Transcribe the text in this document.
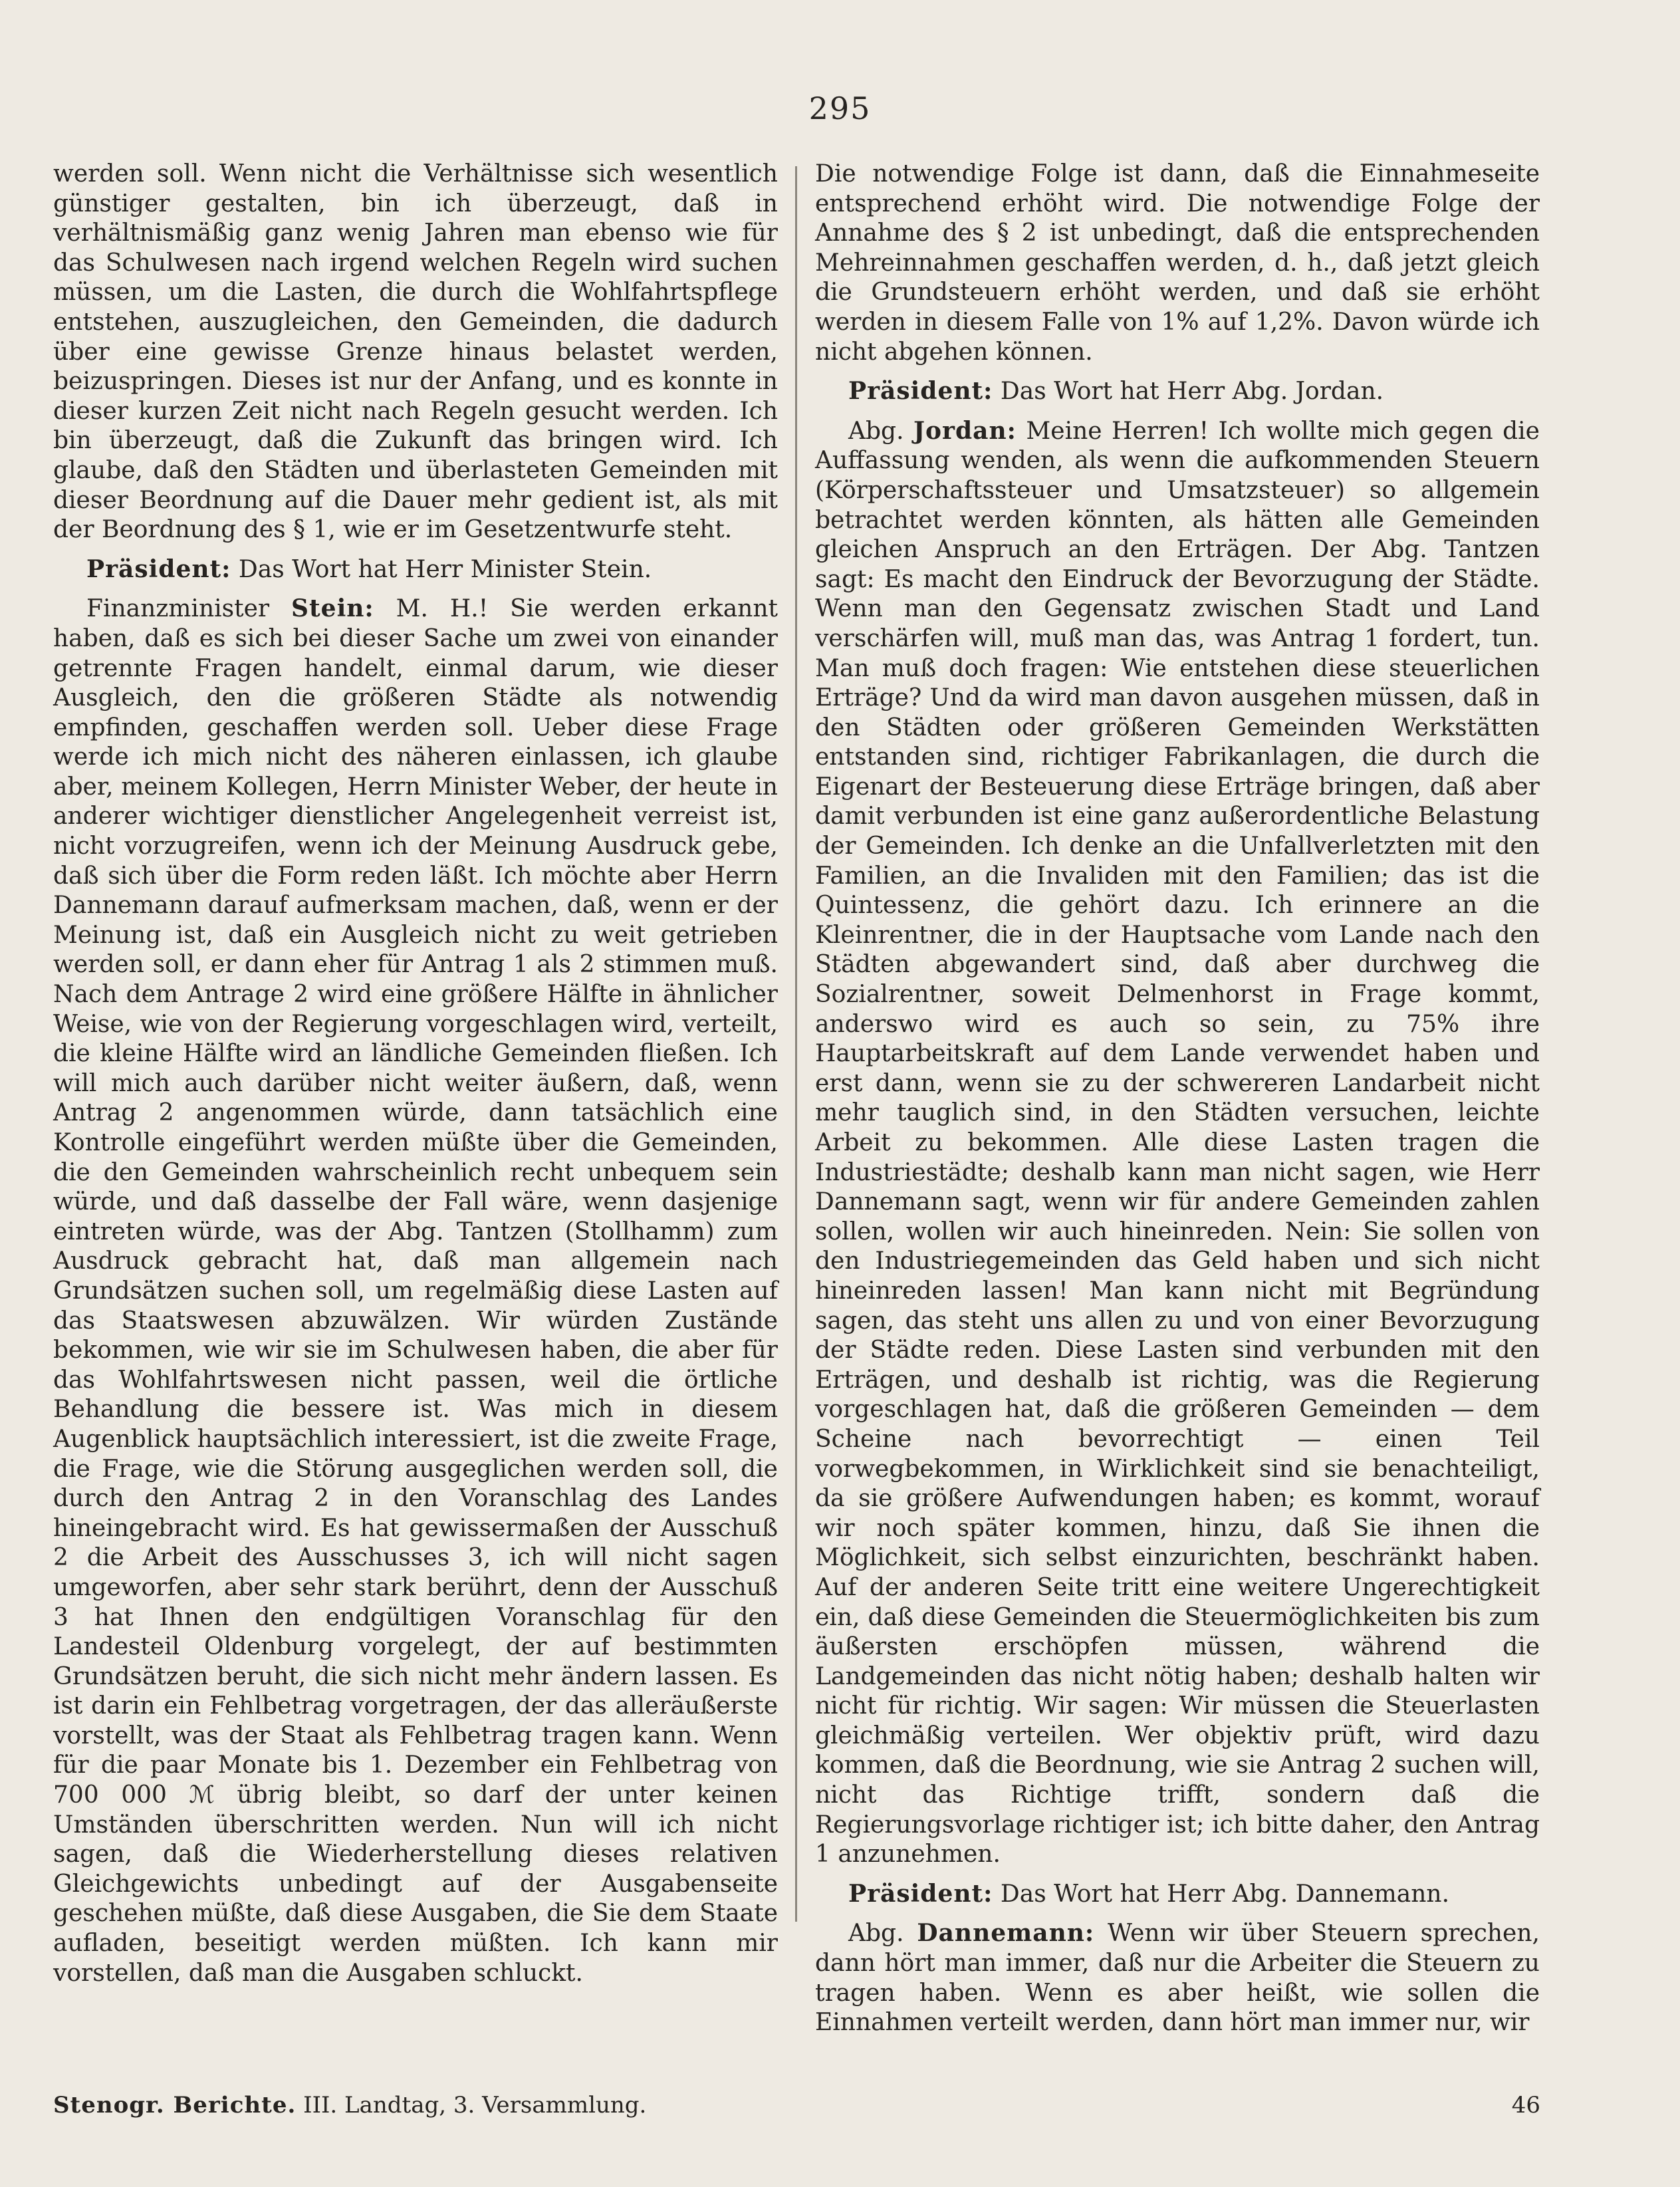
295

werden soll. Wenn nicht die Verhältnisse sich wesentlich günstiger gestalten, bin ich überzeugt, daß in verhältnismäßig ganz wenig Jahren man ebenso wie für das Schulwesen nach irgend welchen Regeln wird suchen müssen, um die Lasten, die durch die Wohlfahrtspflege entstehen, auszugleichen, den Gemeinden, die dadurch über eine gewisse Grenze hinaus belastet werden, beizuspringen. Dieses ist nur der Anfang, und es konnte in dieser kurzen Zeit nicht nach Regeln gesucht werden. Ich bin überzeugt, daß die Zukunft das bringen wird. Ich glaube, daß den Städten und überlasteten Gemeinden mit dieser Beordnung auf die Dauer mehr gedient ist, als mit der Beordnung des § 1, wie er im Gesetzentwurfe steht.

Präsident: Das Wort hat Herr Minister Stein.

Finanzminister Stein: M. H.! Sie werden erkannt haben, daß es sich bei dieser Sache um zwei von einander getrennte Fragen handelt, einmal darum, wie dieser Ausgleich, den die größeren Städte als notwendig empfinden, geschaffen werden soll. Ueber diese Frage werde ich mich nicht des näheren einlassen, ich glaube aber, meinem Kollegen, Herrn Minister Weber, der heute in anderer wichtiger dienstlicher Angelegenheit verreist ist, nicht vorzugreifen, wenn ich der Meinung Ausdruck gebe, daß sich über die Form reden läßt. Ich möchte aber Herrn Dannemann darauf aufmerksam machen, daß, wenn er der Meinung ist, daß ein Ausgleich nicht zu weit getrieben werden soll, er dann eher für Antrag 1 als 2 stimmen muß. Nach dem Antrage 2 wird eine größere Hälfte in ähnlicher Weise, wie von der Regierung vorgeschlagen wird, verteilt, die kleine Hälfte wird an ländliche Gemeinden fließen. Ich will mich auch darüber nicht weiter äußern, daß, wenn Antrag 2 angenommen würde, dann tatsächlich eine Kontrolle eingeführt werden müßte über die Gemeinden, die den Gemeinden wahrscheinlich recht unbequem sein würde, und daß dasselbe der Fall wäre, wenn dasjenige eintreten würde, was der Abg. Tantzen (Stollhamm) zum Ausdruck gebracht hat, daß man allgemein nach Grundsätzen suchen soll, um regelmäßig diese Lasten auf das Staatswesen abzuwälzen. Wir würden Zustände bekommen, wie wir sie im Schulwesen haben, die aber für das Wohlfahrtswesen nicht passen, weil die örtliche Behandlung die bessere ist. Was mich in diesem Augenblick hauptsächlich interessiert, ist die zweite Frage, die Frage, wie die Störung ausgeglichen werden soll, die durch den Antrag 2 in den Voranschlag des Landes hineingebracht wird. Es hat gewissermaßen der Ausschuß 2 die Arbeit des Ausschusses 3, ich will nicht sagen umgeworfen, aber sehr stark berührt, denn der Ausschuß 3 hat Ihnen den endgültigen Voranschlag für den Landesteil Oldenburg vorgelegt, der auf bestimmten Grundsätzen beruht, die sich nicht mehr ändern lassen. Es ist darin ein Fehlbetrag vorgetragen, der das alleräußerste vorstellt, was der Staat als Fehlbetrag tragen kann. Wenn für die paar Monate bis 1. Dezember ein Fehlbetrag von 700 000 ℳ übrig bleibt, so darf der unter keinen Umständen überschritten werden. Nun will ich nicht sagen, daß die Wiederherstellung dieses relativen Gleichgewichts unbedingt auf der Ausgabenseite geschehen müßte, daß diese Ausgaben, die Sie dem Staate aufladen, beseitigt werden müßten. Ich kann mir vorstellen, daß man die Ausgaben schluckt.

Die notwendige Folge ist dann, daß die Einnahmeseite entsprechend erhöht wird. Die notwendige Folge der Annahme des § 2 ist unbedingt, daß die entsprechenden Mehreinnahmen geschaffen werden, d. h., daß jetzt gleich die Grundsteuern erhöht werden, und daß sie erhöht werden in diesem Falle von 1% auf 1,2%. Davon würde ich nicht abgehen können.

Präsident: Das Wort hat Herr Abg. Jordan.

Abg. Jordan: Meine Herren! Ich wollte mich gegen die Auffassung wenden, als wenn die aufkommenden Steuern (Körperschaftssteuer und Umsatzsteuer) so allgemein betrachtet werden könnten, als hätten alle Gemeinden gleichen Anspruch an den Erträgen. Der Abg. Tantzen sagt: Es macht den Eindruck der Bevorzugung der Städte. Wenn man den Gegensatz zwischen Stadt und Land verschärfen will, muß man das, was Antrag 1 fordert, tun. Man muß doch fragen: Wie entstehen diese steuerlichen Erträge? Und da wird man davon ausgehen müssen, daß in den Städten oder größeren Gemeinden Werkstätten entstanden sind, richtiger Fabrikanlagen, die durch die Eigenart der Besteuerung diese Erträge bringen, daß aber damit verbunden ist eine ganz außerordentliche Belastung der Gemeinden. Ich denke an die Unfallverletzten mit den Familien, an die Invaliden mit den Familien; das ist die Quintessenz, die gehört dazu. Ich erinnere an die Kleinrentner, die in der Hauptsache vom Lande nach den Städten abgewandert sind, daß aber durchweg die Sozialrentner, soweit Delmenhorst in Frage kommt, anderswo wird es auch so sein, zu 75% ihre Hauptarbeitskraft auf dem Lande verwendet haben und erst dann, wenn sie zu der schwereren Landarbeit nicht mehr tauglich sind, in den Städten versuchen, leichte Arbeit zu bekommen. Alle diese Lasten tragen die Industriestädte; deshalb kann man nicht sagen, wie Herr Dannemann sagt, wenn wir für andere Gemeinden zahlen sollen, wollen wir auch hineinreden. Nein: Sie sollen von den Industriegemeinden das Geld haben und sich nicht hineinreden lassen! Man kann nicht mit Begründung sagen, das steht uns allen zu und von einer Bevorzugung der Städte reden. Diese Lasten sind verbunden mit den Erträgen, und deshalb ist richtig, was die Regierung vorgeschlagen hat, daß die größeren Gemeinden — dem Scheine nach bevorrechtigt — einen Teil vorwegbekommen, in Wirklichkeit sind sie benachteiligt, da sie größere Aufwendungen haben; es kommt, worauf wir noch später kommen, hinzu, daß Sie ihnen die Möglichkeit, sich selbst einzurichten, beschränkt haben. Auf der anderen Seite tritt eine weitere Ungerechtigkeit ein, daß diese Gemeinden die Steuermöglichkeiten bis zum äußersten erschöpfen müssen, während die Landgemeinden das nicht nötig haben; deshalb halten wir nicht für richtig. Wir sagen: Wir müssen die Steuerlasten gleichmäßig verteilen. Wer objektiv prüft, wird dazu kommen, daß die Beordnung, wie sie Antrag 2 suchen will, nicht das Richtige trifft, sondern daß die Regierungsvorlage richtiger ist; ich bitte daher, den Antrag 1 anzunehmen.

Präsident: Das Wort hat Herr Abg. Dannemann.

Abg. Dannemann: Wenn wir über Steuern sprechen, dann hört man immer, daß nur die Arbeiter die Steuern zu tragen haben. Wenn es aber heißt, wie sollen die Einnahmen verteilt werden, dann hört man immer nur, wir

Stenogr. Berichte. III. Landtag, 3. Versammlung.	46
